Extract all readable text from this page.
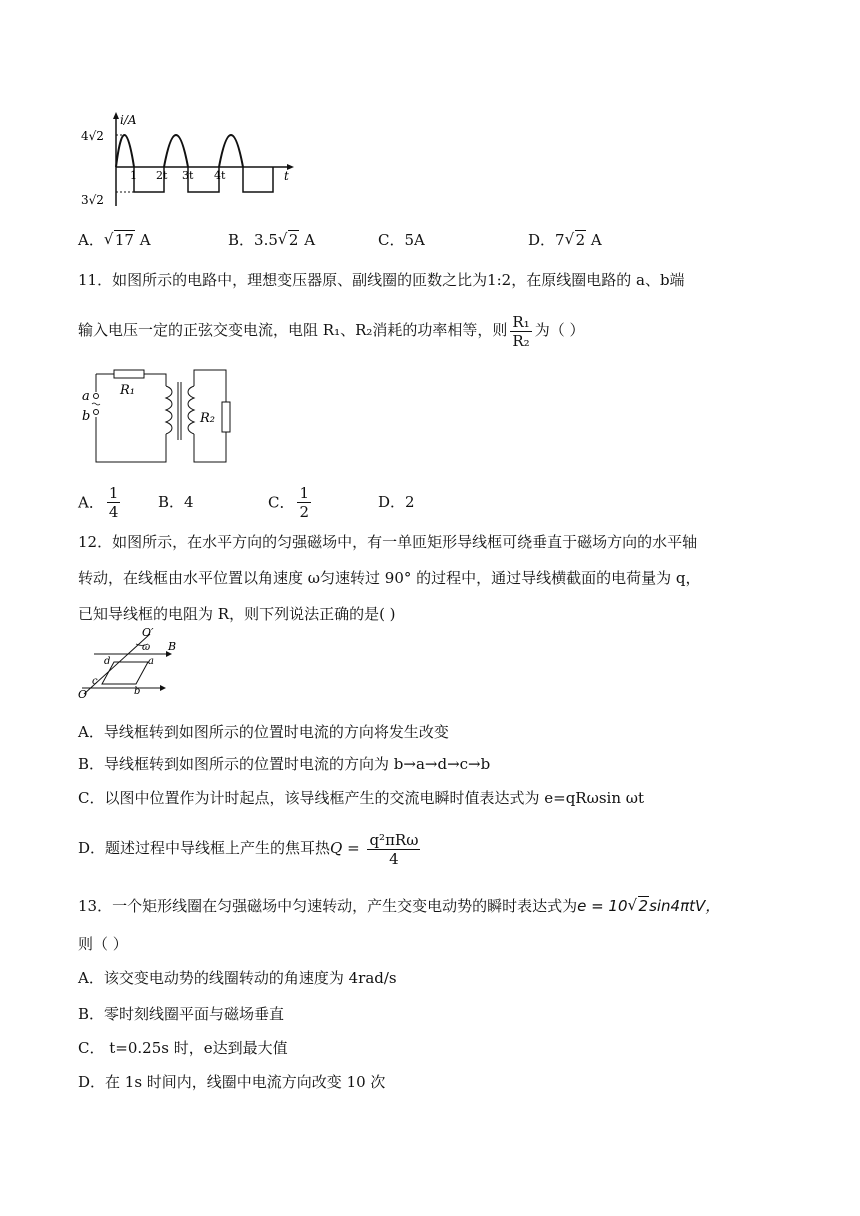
i/A
4√2
3√2
t
1 2t 3t 4t
A． √ 17 A	B．3.5 √ 2 A	C．5A	D．7 √ 2 A
11．如图所示的电路中，理想变压器原、副线圈的匝数之比为1:2，在原线圈电路的 a、b端
输入电压一定的正弦交变电流，电阻 R₁、R₂消耗的功率相等，则 $\frac{\text{R₁}}{\text{R₂}}$ 为（ ）
R₁
R₂
a
b
A． $\frac{1}{4}$	B．4	C． $\frac{1}{2}$	D．2
12．如图所示，在水平方向的匀强磁场中，有一单匝矩形导线框可绕垂直于磁场方向的水平轴
转动，在线框由水平位置以角速度 ω匀速转过 90° 的过程中，通过导线横截面的电荷量为 q，
已知导线框的电阻为 R，则下列说法正确的是( )
O′
O
B
ω
a
b
c
d
A．导线框转到如图所示的位置时电流的方向将发生改变
B．导线框转到如图所示的位置时电流的方向为 b→a→d→c→b
C．以图中位置作为计时起点，该导线框产生的交流电瞬时值表达式为 e=qRωsin ωt
D．题述过程中导线框上产生的焦耳热$Q = \frac{\text{q²πRω}}{4}$
13．一个矩形线圈在匀强磁场中匀速转动，产生交变电动势的瞬时表达式为e = 10 √ 2sin4πtV，
则（ ）
A．该交变电动势的线圈转动的角速度为 4rad/s
B．零时刻线圈平面与磁场垂直
C． t=0.25s 时，e达到最大值
D．在 1s 时间内，线圈中电流方向改变 10 次
